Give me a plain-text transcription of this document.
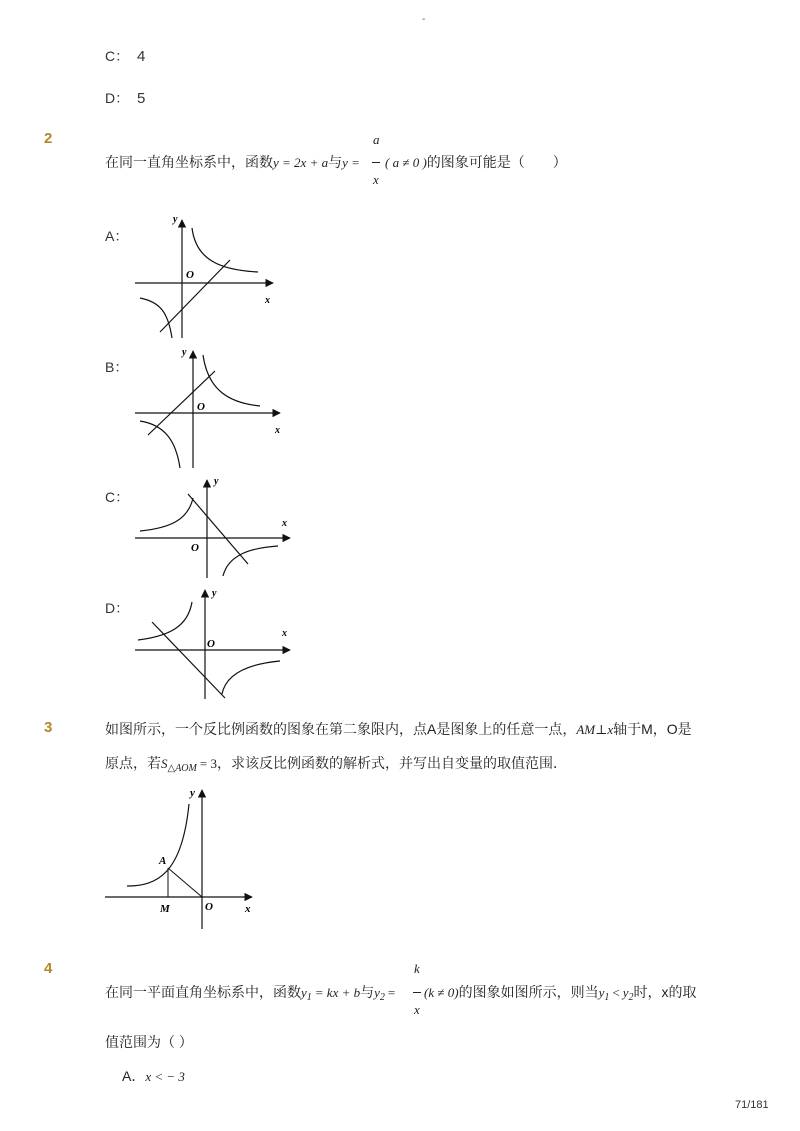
-
C： 4
D： 5
2
在同一直角坐标系中，函数y = 2x + a与y =
a
x
( a ≠ 0 )的图象可能是（　　）
A：
O
x
y
B：
O
x
y
C：
O
x
y
D：
O
x
y
3	如图所示，一个反比例函数的图象在第二象限内，点A是图象上的任意一点，AM⊥x轴于M，O是
原点，若$S_{\triangle AOM} = 3$，求该反比例函数的解析式，并写出自变量的取值范围．
A
M	O	x
y
4
在同一平面直角坐标系中，函数$y_1$ = kx + b与$y_2$ =
k
x
(k ≠ 0)的图象如图所示，则当$y_1 < y_2$时，x的取
值范围为（ ）
A．x < − 3
71/181
